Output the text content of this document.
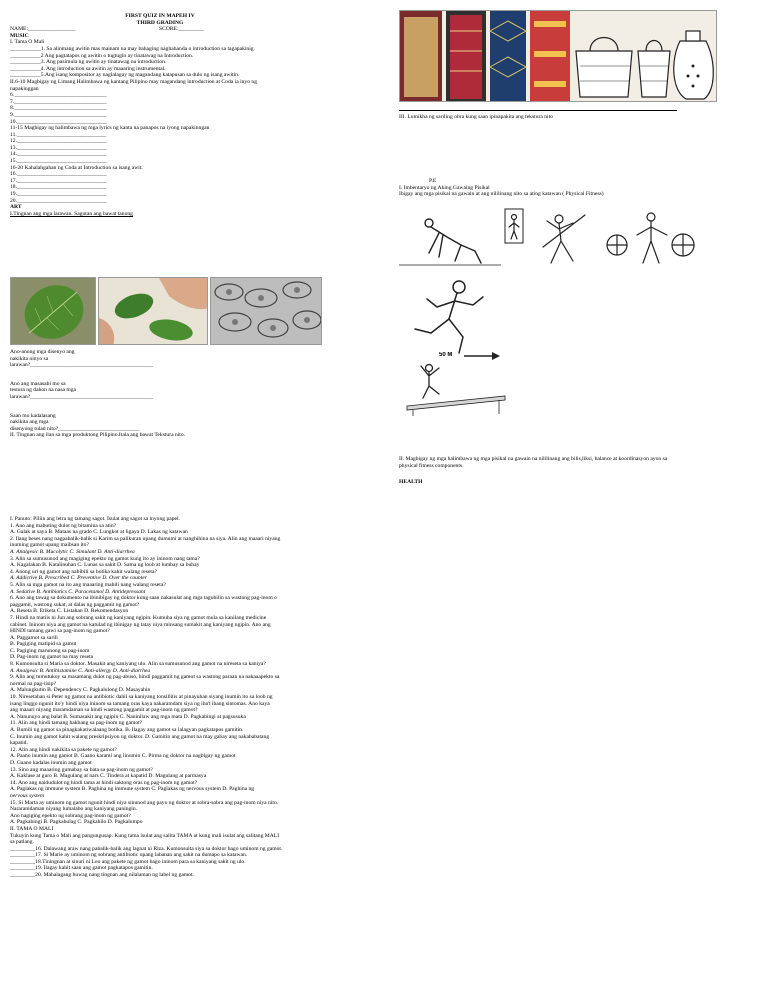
FIRST QUIZ IN MAPEH IV
THIRD GRADING
NAME:_________________	SCORE:_________
MUSIC
I. Tama O Mali
___________1. Sa alinmang awitin mas mainam na may bahaging naghahanda o introduction sa tagapakinig.
___________2 Ang pagtatapos ng awitin o tugtugin ay tinatawag na Introduction.
___________3. Ang pasimula ng awitin ay tinatawag na introduction.
___________4. Ang introduction sa awitin ay maaaring instrumental.
___________5.Ang isang kompositor ay naglalagay ng magandang katapusan sa dulo ng isang awitin.
II.6-10 Magbigay ng Limang Halimbawa ng kantang Pilipino may magandang introduction at Coda ia inyo ng
napakinggan
6._________________________________
7._________________________________
8._________________________________
9._________________________________
10.________________________________
11-15 Magbigay ng halimbawa ng mga lyrics ng kanta na panapos na iyong napakinngan
11.________________________________
12.________________________________
13.________________________________
14.________________________________
15.________________________________
16-20 Kahalahgahan ng Coda at Introduction sa isang awit.
16.________________________________
17.________________________________
18.________________________________
19.________________________________
20.________________________________
ART
I.Tingnan ang mga larawan. Sagutan ang bawat tanong
Ano-anong mga disenyo ang
nakikita ninyo sa
larawan?____________________________________________
Ano ang masasabi mo sa
testura ng dahon na nasa mga
larawan?____________________________________________
Saan mo kadalasang
nakikita ang mga
disenyong tulad nito?_____________________________
II. Tingnan ang ilan sa mga produktong Pilipino.Itala ang bawat Tekstura nito.
III. Lumikha ng sariling obra kung saan ipinapakita ang tekstura nito
P.E
I. Imbentaryo ng Aking Gawaing Pisikal
Ibigay ang mga pisikal na gawain at ang nililinang nito sa ating katawan ( Physical Fitness)
50 M
II. Magbigay ng mga halimbawa ng mga pisikal na gawain na nililinang ang bilis,liksi, balance at koordinasyon ayon sa
physical fitness components.
HEALTH
I. Panuto: Piliin ang letra ng tamang sagot. Isulat ang sagot sa inyong papel.
1. Ano ang mabuting dulot ng bitamina sa atin?
A. Galak at saya B. Mataas na grado C. Lungkot at ligaya D. Lakas ng katawan
2. Ilang beses nang nagpabalik-balik si Karim sa palikuran upang dumumi at nanghihina na siya. Alin ang maaari niyang
inuming gamot upang maibsan ito?
A. Analgesic B. Mucolytic C. Simulant D. Anti-diarrhea
3. Alin sa sumusunod ang magiging epekto ng gamot kung ito ay ininom nang tama?
A. Kagalakan B. Katalinuhan C. Lunas sa sakit D. Sama ng loob at lumbay sa buhay
4. Anong uri ng gamot ang nabibili sa botika kahit walang reseta?
A. Addictive B. Prescribed C. Preventive D. Over the counter
5. Alin sa mga gamot na ito ang maaaring mabili nang walang reseta?
A. Sedative B. Antibiotics C. Paracetamol D. Antidepressant
6. Ano ang tawag sa dokumento na ibinibigay ng doktor kung saan nakasulat ang mga tagubilin sa wastong pag-inom o
paggamit, wastong sukat, at dalas ng paggamit ng gamot?
A. Reseta B. Etiketa C. Listahan D. Rekomendasyon
7. Hindi na matiis ni Jun ang sobrang sakit ng kaniyang ngipin. Kumuha siya ng gamot mula sa kanilang medicine
cabinet. Ininom niya ang gamot na katulad ng ibinigay ng tatay niya minsang sumakit ang kaniyang ngipin. Ano ang
HINDI tamang gawi sa pag-inom ng gamot?
A. Paggamot sa sarili
B. Pagiging matipid sa gamut
C. Pagiging marunong sa pag-inom
D. Pag-inom ng gamot na may reseta
8. Kumonsulta si Maria sa doktor. Masakit ang kaniyang ulo. Alin sa sumusunod ang gamot na nireseta sa kaniya?
A. Analgesic B. Antihistamine C. Anti-allergy D. Anti-diarrhea
9. Alin ang tumutukoy sa masamang dulot ng pag-abuso, hindi paggamit ng gamot sa wastong paraan na nakaaapekto sa
normal na pag-iisip?
A. Malungkutin B. Dependency C. Pagkalulong D. Masayahin
10. Niresetahan si Peter ng gamot na antibiotic dahil sa kaniyang tonsillitis at pinayuhan siyang inumin ito sa loob ng
isang linggo ngunit ito'y hindi niya ininom sa tamang oras kaya nakaramdam siya ng iba't ibang sintomas. Ano kaya
ang maaari niyang maramdaman sa hindi wastong paggamit at pag-inom ng gamot?
A. Nanunuyo ang balat B. Sumasakit ang ngipin C. Naninilaw ang mga mata D. Pagkabingi at pagsusuka
11. Alin ang hindi tamang hakbang sa pag-inom ng gamot?
A. Bumili ng gamot sa pinagkakatiwalaang botika. B. Ilagay ang gamot sa lalagyan pagkatapos gamitin.
C. Inumin ang gamot kahit walang preskripsiyon ng doktor. D. Gamitin ang gamot na may gabay ang nakababatang
kapatid.
12. Alin ang hindi nakikita sa pakete ng gamot?
A. Paano inumin ang gamot B. Gaano karami ang iinumin C. Pirma ng doktor na nagbigay ng gamot
D. Gaano kadalas inumin ang gamot
13. Sino ang maaaring gumabay sa bata sa pag-inom ng gamot?
A. Kaklase at guro B. Magulang at nars C. Tindera at kapatid D. Magulang at parmasya
14. Ano ang naidudulot ng hindi tama at hindi saktong oras ng pag-inom ng gamot?
A. Paglakas ng immune system B. Paghina ng immune system C. Paglakas ng nervous system D. Paghina ng
nervous system
15. Si Marta ay uminom ng gamot ngunit hindi niya sinunod ang payo ng doktor at sobra-sobra ang pag-inom niya nito.
Nararamdaman niyang lumalabo ang kaniyang paningin.
Ano nagiging epekto ng sobrang pag-inom ng gamot?
A. Pagkabingi B. Pagkabulag C. Pagkahilo D. Pagkalumpo
II. TAMA O MALI
Tukuyin kung Tama o Mali ang pangungusap. Kung tama isulat ang salita TAMA at kung mali isulat ang salitang MALI
sa patlang.
_________16. Dalawang araw nang pabalik-balik ang lagnat ni Riza. Kumonsulta siya sa doktor bago uminom ng gamot.
_________17. Si Marie ay uminom ng sobrang antibiotic upang labanan ang sakit na dumapo sa katawan.
_________18.Tiningnan at sinuri ni Leo ang pakete ng gamot bago ininom para sa kaniyang sakit ng ulo.
_________19. Ilagay kahit saan ang gamot pagkatapos gamitin.
_________20. Mahalagang huwag nang tingnan ang nilalaman ng label ng gamot.
